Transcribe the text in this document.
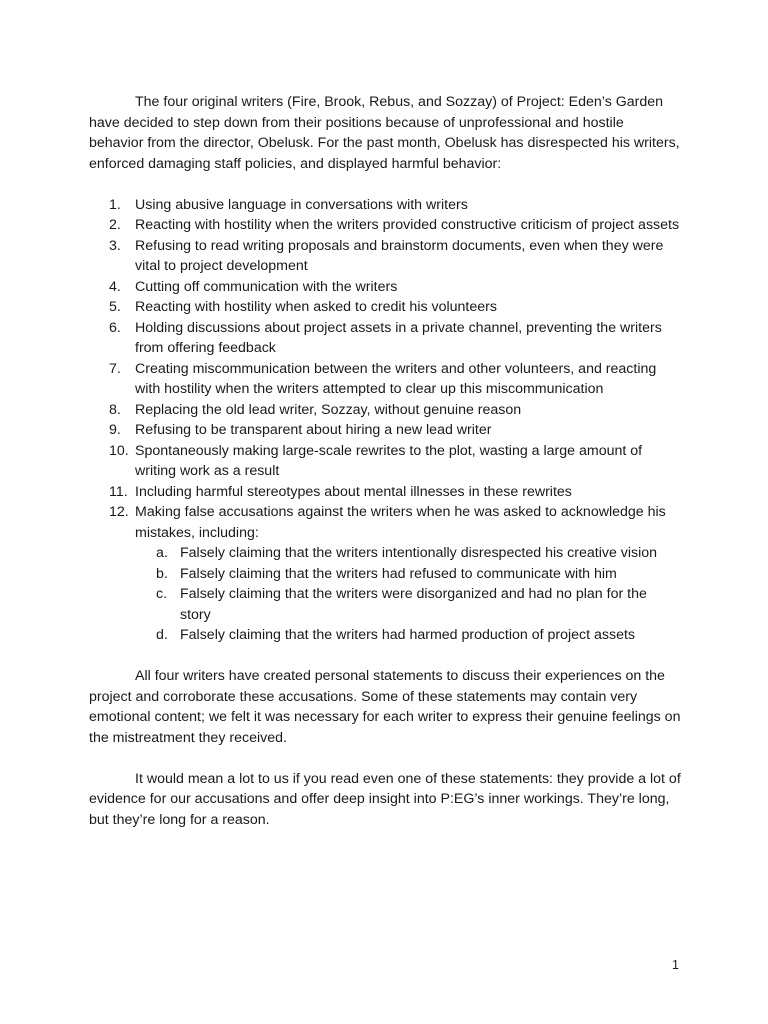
The four original writers (Fire, Brook, Rebus, and Sozzay) of Project: Eden’s Garden have decided to step down from their positions because of unprofessional and hostile behavior from the director, Obelusk. For the past month, Obelusk has disrespected his writers, enforced damaging staff policies, and displayed harmful behavior:

1. Using abusive language in conversations with writers
2. Reacting with hostility when the writers provided constructive criticism of project assets
3. Refusing to read writing proposals and brainstorm documents, even when they were vital to project development
4. Cutting off communication with the writers
5. Reacting with hostility when asked to credit his volunteers
6. Holding discussions about project assets in a private channel, preventing the writers from offering feedback
7. Creating miscommunication between the writers and other volunteers, and reacting with hostility when the writers attempted to clear up this miscommunication
8. Replacing the old lead writer, Sozzay, without genuine reason
9. Refusing to be transparent about hiring a new lead writer
10. Spontaneously making large-scale rewrites to the plot, wasting a large amount of writing work as a result
11. Including harmful stereotypes about mental illnesses in these rewrites
12. Making false accusations against the writers when he was asked to acknowledge his mistakes, including:
a. Falsely claiming that the writers intentionally disrespected his creative vision
b. Falsely claiming that the writers had refused to communicate with him
c. Falsely claiming that the writers were disorganized and had no plan for the story
d. Falsely claiming that the writers had harmed production of project assets

All four writers have created personal statements to discuss their experiences on the project and corroborate these accusations. Some of these statements may contain very emotional content; we felt it was necessary for each writer to express their genuine feelings on the mistreatment they received.

It would mean a lot to us if you read even one of these statements: they provide a lot of evidence for our accusations and offer deep insight into P:EG’s inner workings. They’re long, but they’re long for a reason.

1
